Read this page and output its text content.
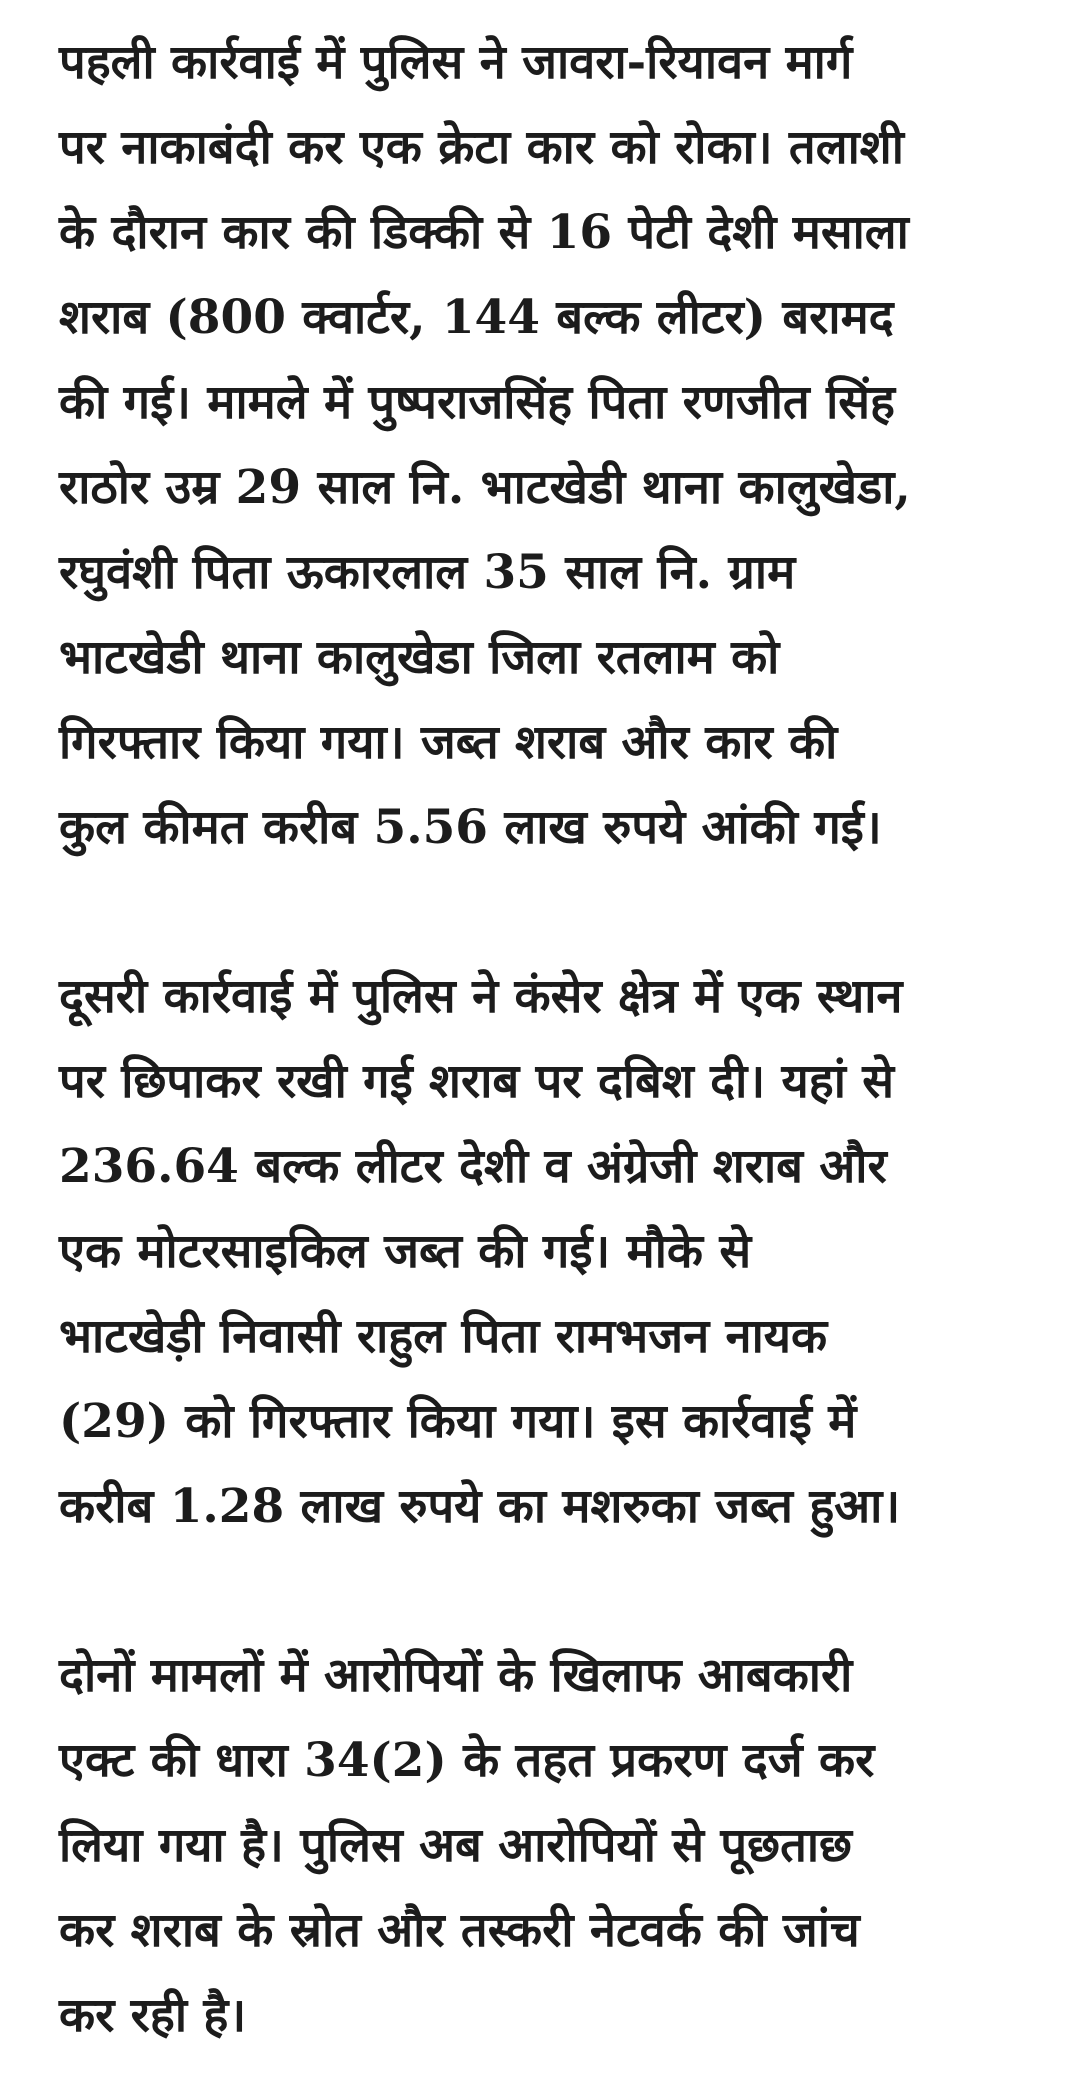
पहली कार्रवाई में पुलिस ने जावरा-रियावन मार्ग
पर नाकाबंदी कर एक क्रेटा कार को रोका। तलाशी
के दौरान कार की डिक्की से 16 पेटी देशी मसाला
शराब (800 क्वार्टर, 144 बल्क लीटर) बरामद
की गई। मामले में पुष्पराजसिंह पिता रणजीत सिंह
राठोर उम्र 29 साल नि. भाटखेडी थाना कालुखेडा,
रघुवंशी पिता ऊकारलाल 35 साल नि. ग्राम
भाटखेडी थाना कालुखेडा जिला रतलाम को
गिरफ्तार किया गया। जब्त शराब और कार की
कुल कीमत करीब 5.56 लाख रुपये आंकी गई।

दूसरी कार्रवाई में पुलिस ने कंसेर क्षेत्र में एक स्थान
पर छिपाकर रखी गई शराब पर दबिश दी। यहां से
236.64 बल्क लीटर देशी व अंग्रेजी शराब और
एक मोटरसाइकिल जब्त की गई। मौके से
भाटखेड़ी निवासी राहुल पिता रामभजन नायक
(29) को गिरफ्तार किया गया। इस कार्रवाई में
करीब 1.28 लाख रुपये का मशरुका जब्त हुआ।

दोनों मामलों में आरोपियों के खिलाफ आबकारी
एक्ट की धारा 34(2) के तहत प्रकरण दर्ज कर
लिया गया है। पुलिस अब आरोपियों से पूछताछ
कर शराब के स्रोत और तस्करी नेटवर्क की जांच
कर रही है।
